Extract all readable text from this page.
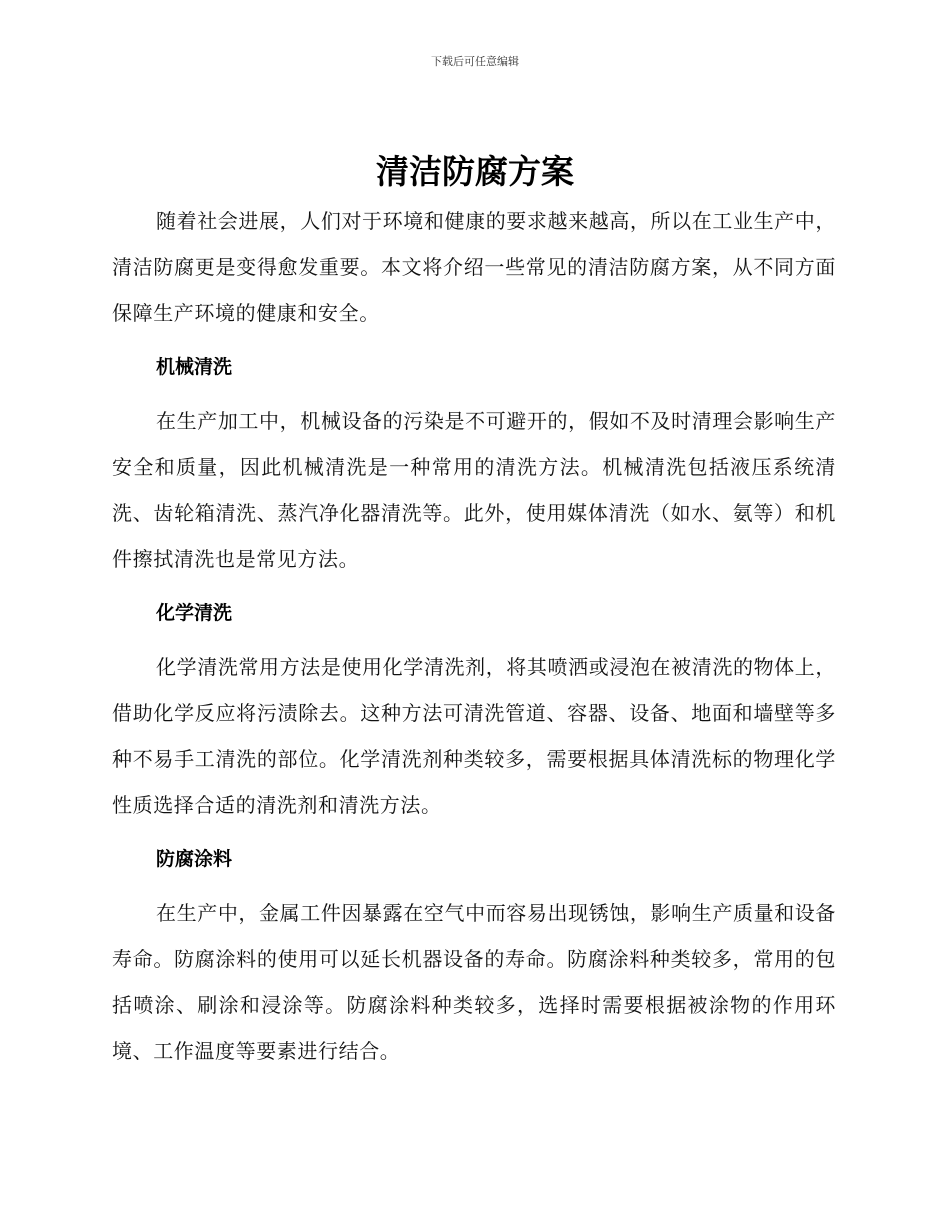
下载后可任意编辑
清洁防腐方案

随着社会进展，人们对于环境和健康的要求越来越高，所以在工业生产中，清洁防腐更是变得愈发重要。本文将介绍一些常见的清洁防腐方案，从不同方面保障生产环境的健康和安全。

机械清洗

在生产加工中，机械设备的污染是不可避开的，假如不及时清理会影响生产安全和质量，因此机械清洗是一种常用的清洗方法。机械清洗包括液压系统清洗、齿轮箱清洗、蒸汽净化器清洗等。此外，使用媒体清洗（如水、氨等）和机件擦拭清洗也是常见方法。

化学清洗

化学清洗常用方法是使用化学清洗剂，将其喷洒或浸泡在被清洗的物体上，借助化学反应将污渍除去。这种方法可清洗管道、容器、设备、地面和墙壁等多种不易手工清洗的部位。化学清洗剂种类较多，需要根据具体清洗标的物理化学性质选择合适的清洗剂和清洗方法。

防腐涂料

在生产中，金属工件因暴露在空气中而容易出现锈蚀，影响生产质量和设备寿命。防腐涂料的使用可以延长机器设备的寿命。防腐涂料种类较多，常用的包括喷涂、刷涂和浸涂等。防腐涂料种类较多，选择时需要根据被涂物的作用环境、工作温度等要素进行结合。
